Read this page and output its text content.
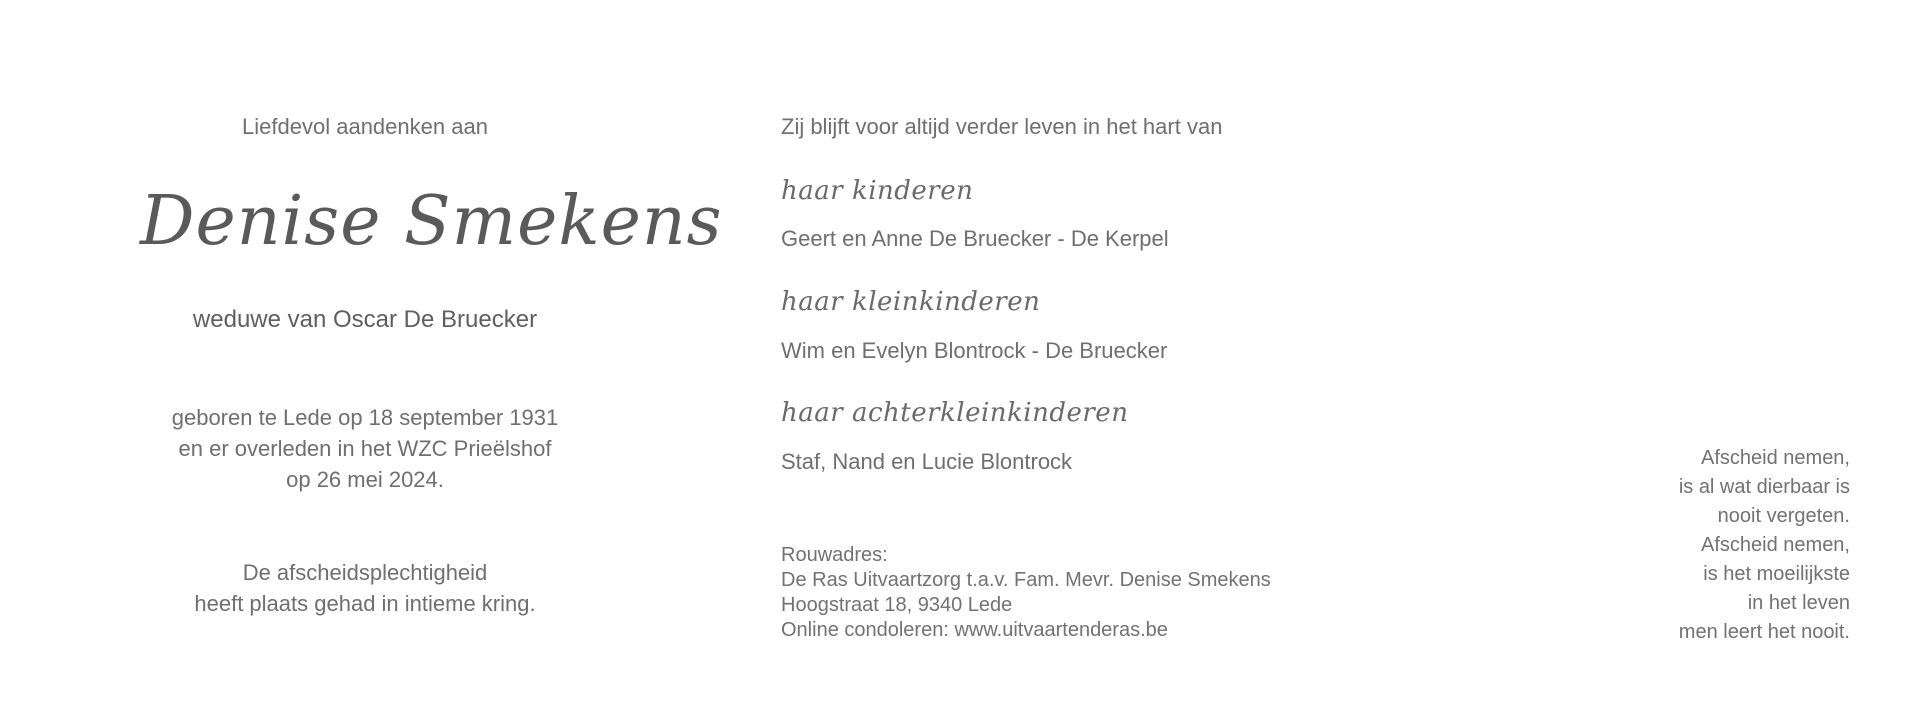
Liefdevol aandenken aan
Denise Smekens
weduwe van Oscar De Bruecker
geboren te Lede op 18 september 1931
en er overleden in het WZC Prieëlshof
op 26 mei 2024.
De afscheidsplechtigheid
heeft plaats gehad in intieme kring.
Zij blijft voor altijd verder leven in het hart van
haar kinderen
Geert en Anne De Bruecker - De Kerpel
haar kleinkinderen
Wim en Evelyn Blontrock - De Bruecker
haar achterkleinkinderen
Staf, Nand en Lucie Blontrock
Rouwadres:
De Ras Uitvaartzorg t.a.v. Fam. Mevr. Denise Smekens
Hoogstraat 18, 9340 Lede
Online condoleren: www.uitvaartenderas.be
Afscheid nemen,
is al wat dierbaar is
nooit vergeten.
Afscheid nemen,
is het moeilijkste
in het leven
men leert het nooit.
